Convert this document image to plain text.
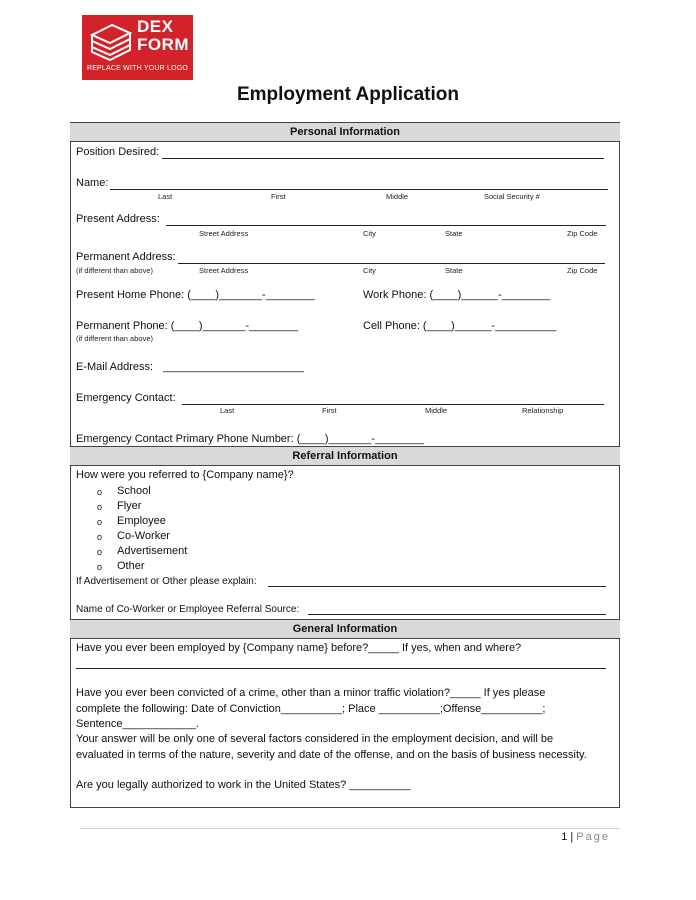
DEX
FORM
REPLACE WITH YOUR LOGO
Employment Application
Personal Information
Position Desired:
Name:
Last	First	Middle	Social Security #
Present Address:
Street Address	City	State	Zip Code
Permanent Address:
(if different than above)	Street Address	City	State	Zip Code
Present Home Phone: (____)_______-________	Work Phone: (____)______-________
Permanent Phone: (____)_______-________
(if different than above)
Cell Phone: (____)______-__________
E-Mail Address: _______________________
Emergency Contact:
Last	First	Middle	Relationship
Emergency Contact Primary Phone Number: (____)_______-________
Referral Information
How were you referred to {Company name}?
o School
o Flyer
o Employee
o Co-Worker
o Advertisement
o Other
If Advertisement or Other please explain:
Name of Co-Worker or Employee Referral Source:
General Information
Have you ever been employed by {Company name} before?_____ If yes, when and where?
Have you ever been convicted of a crime, other than a minor traffic violation?_____ If yes please
complete the following: Date of Conviction__________; Place __________;Offense__________;
Sentence____________.
Your answer will be only one of several factors considered in the employment decision, and will be
evaluated in terms of the nature, severity and date of the offense, and on the basis of business necessity.
Are you legally authorized to work in the United States? __________
1 | Page
